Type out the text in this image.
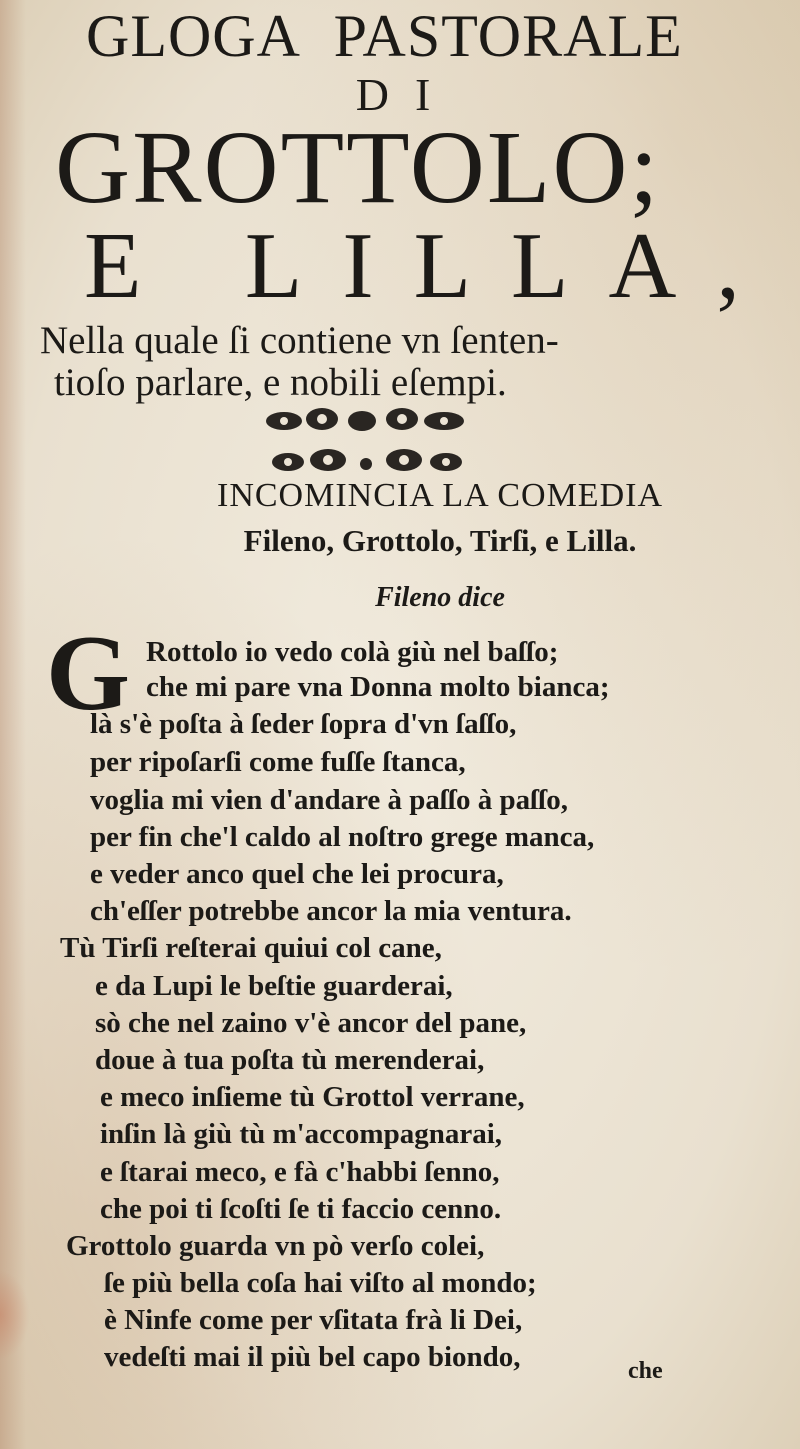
GLOGA PASTORALE
DI
GROTTOLO;
E LILLA,
Nella quale ſi contiene vn ſenten-
tioſo parlare, e nobili eſempi.
INCOMINCIA LA COMEDIA
Fileno, Grottolo, Tirſi, e Lilla.
Fileno dice
G Rottolo io vedo colà giù nel baſſo;
che mi pare vna Donna molto bianca;
là s'è poſta à ſeder ſopra d'vn ſaſſo,
per ripoſarſi come fuſſe ſtanca,
voglia mi vien d'andare à paſſo à paſſo,
per fin che'l caldo al noſtro grege manca,
e veder anco quel che lei procura,
ch'eſſer potrebbe ancor la mia ventura.
Tù Tirſi reſterai quiui col cane,
e da Lupi le beſtie guarderai,
sò che nel zaino v'è ancor del pane,
doue à tua poſta tù merenderai,
e meco inſieme tù Grottol verrane,
inſin là giù tù m'accompagnarai,
e ſtarai meco, e fà c'habbi ſenno,
che poi ti ſcoſti ſe ti faccio cenno.
Grottolo guarda vn pò verſo colei,
ſe più bella coſa hai viſto al mondo;
è Ninfe come per vſitata frà li Dei,
vedeſti mai il più bel capo biondo,	che
